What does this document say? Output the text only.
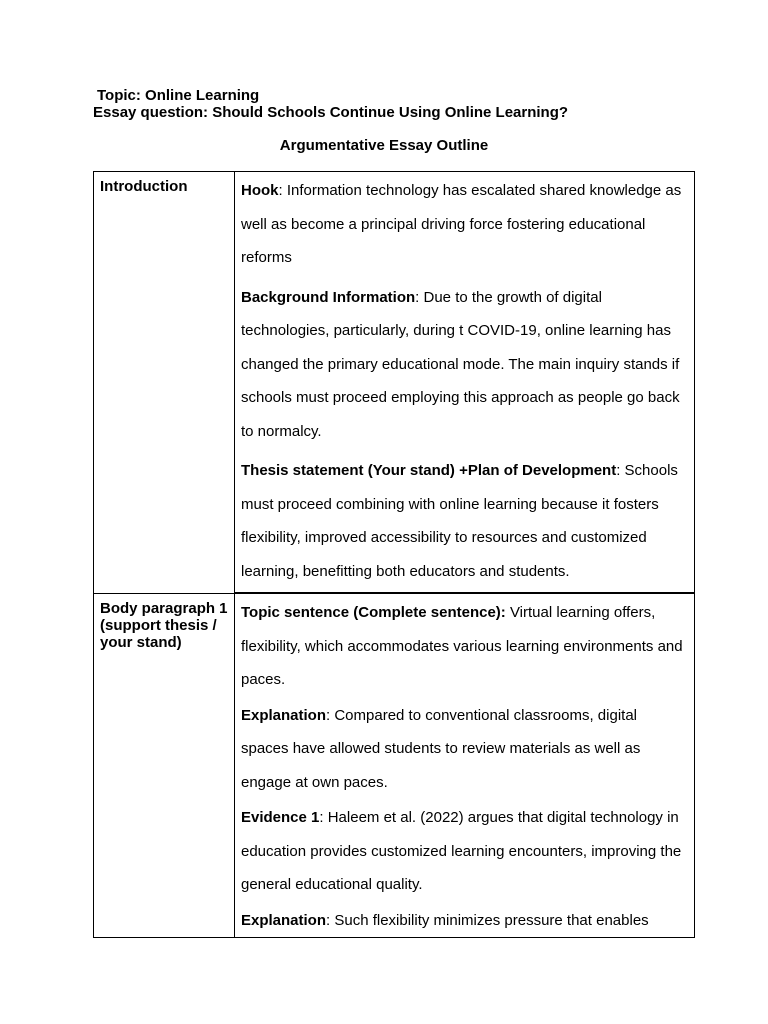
Topic: Online Learning
Essay question: Should Schools Continue Using Online Learning?
Argumentative Essay Outline
Introduction	Hook: Information technology has escalated shared knowledge as well as become a principal driving force fostering educational reforms
Background Information: Due to the growth of digital technologies, particularly, during t COVID-19, online learning has changed the primary educational mode. The main inquiry stands if schools must proceed employing this approach as people go back to normalcy.
Thesis statement (Your stand) +Plan of Development: Schools must proceed combining with online learning because it fosters flexibility, improved accessibility to resources and customized learning, benefitting both educators and students.

Body paragraph 1 (support thesis / your stand)	Topic sentence (Complete sentence): Virtual learning offers, flexibility, which accommodates various learning environments and paces.
Explanation: Compared to conventional classrooms, digital spaces have allowed students to review materials as well as engage at own paces.
Evidence 1: Haleem et al. (2022) argues that digital technology in education provides customized learning encounters, improving the general educational quality.
Explanation: Such flexibility minimizes pressure that enables
